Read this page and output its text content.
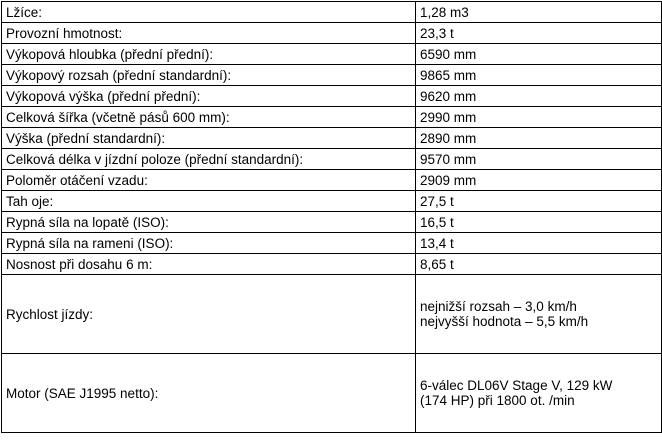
Lžíce:	1,28 m3
Provozní hmotnost:	23,3 t
Výkopová hloubka (přední přední):	6590 mm
Výkopový rozsah (přední standardní):	9865 mm
Výkopová výška (přední přední):	9620 mm
Celková šířka (včetně pásů 600 mm):	2990 mm
Výška (přední standardní):	2890 mm
Celková délka v jízdní poloze (přední standardní):	9570 mm
Poloměr otáčení vzadu:	2909 mm
Tah oje:	27,5 t
Rypná síla na lopatě (ISO):	16,5 t
Rypná síla na rameni (ISO):	13,4 t
Nosnost při dosahu 6 m:	8,65 t
Rychlost jízdy:	nejnižší rozsah – 3,0 km/h
nejvyšší hodnota – 5,5 km/h

Motor (SAE J1995 netto):	6-válec DL06V Stage V, 129 kW
(174 HP) při 1800 ot. /min
